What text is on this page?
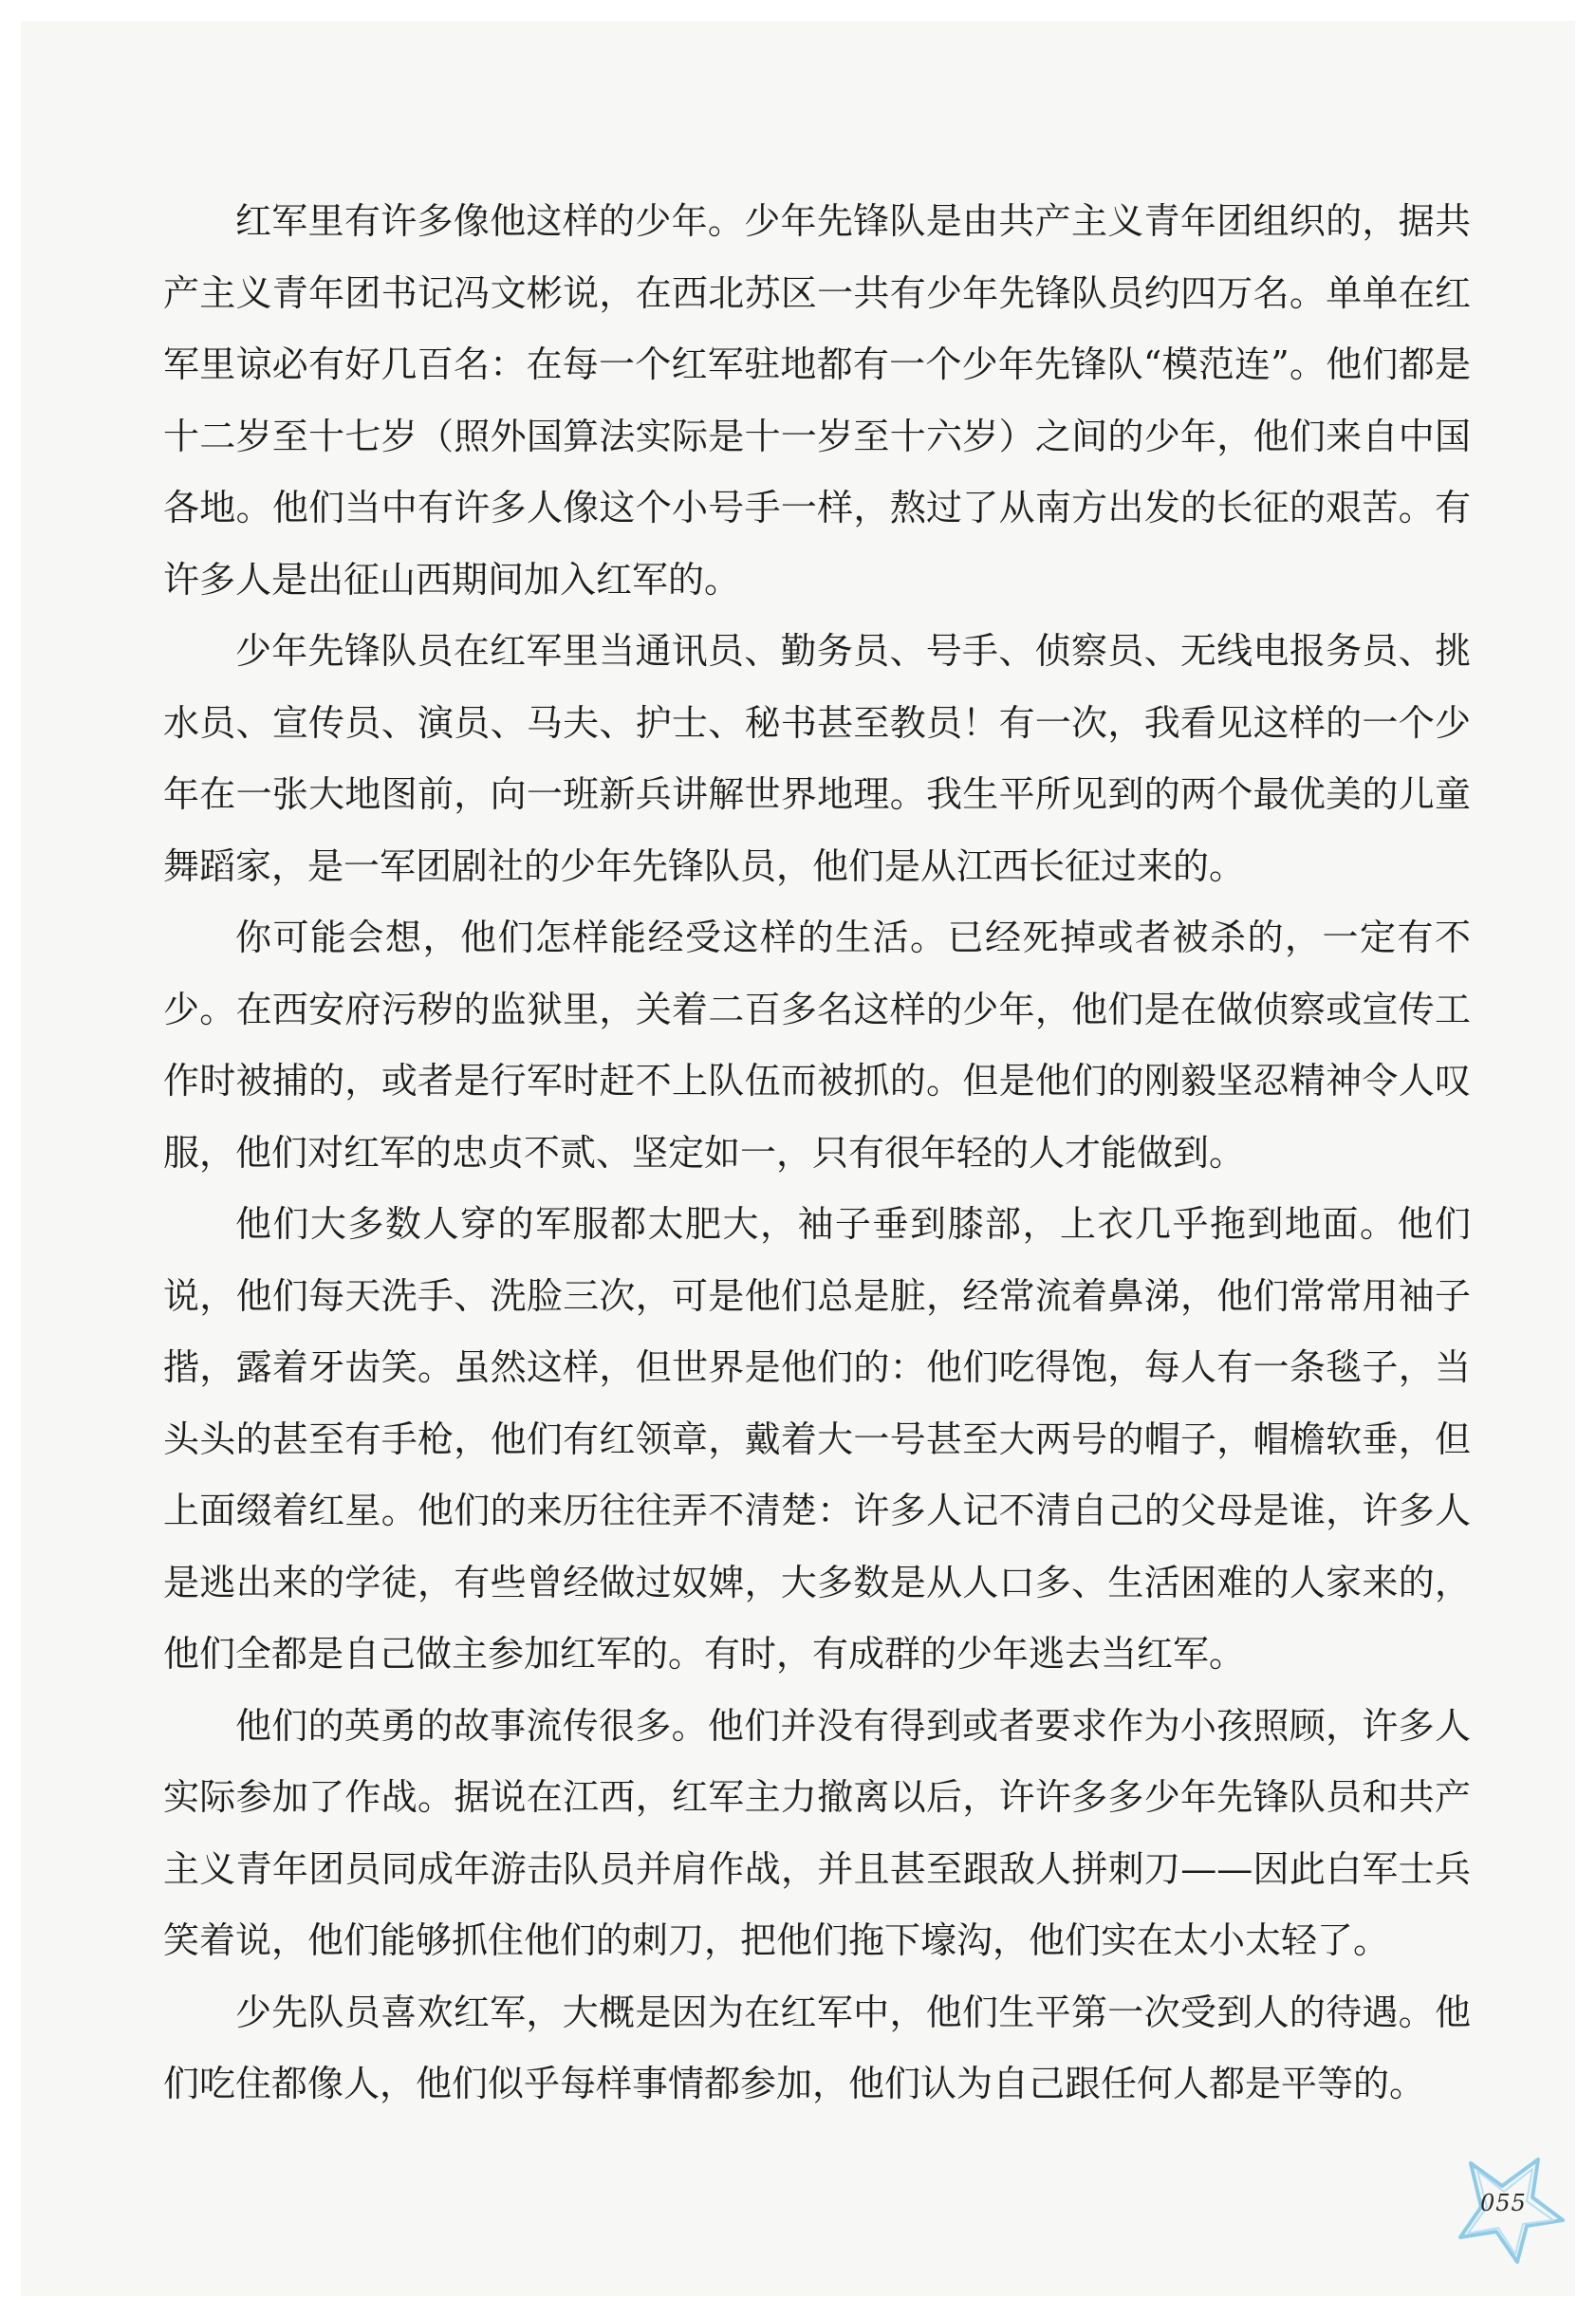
红军里有许多像他这样的少年。少年先锋队是由共产主义青年团组织的，据共产主义青年团书记冯文彬说，在西北苏区一共有少年先锋队员约四万名。单单在红军里谅必有好几百名：在每一个红军驻地都有一个少年先锋队“模范连”。他们都是十二岁至十七岁（照外国算法实际是十一岁至十六岁）之间的少年，他们来自中国各地。他们当中有许多人像这个小号手一样，熬过了从南方出发的长征的艰苦。有许多人是出征山西期间加入红军的。

少年先锋队员在红军里当通讯员、勤务员、号手、侦察员、无线电报务员、挑水员、宣传员、演员、马夫、护士、秘书甚至教员！有一次，我看见这样的一个少年在一张大地图前，向一班新兵讲解世界地理。我生平所见到的两个最优美的儿童舞蹈家，是一军团剧社的少年先锋队员，他们是从江西长征过来的。

你可能会想，他们怎样能经受这样的生活。已经死掉或者被杀的，一定有不少。在西安府污秽的监狱里，关着二百多名这样的少年，他们是在做侦察或宣传工作时被捕的，或者是行军时赶不上队伍而被抓的。但是他们的刚毅坚忍精神令人叹服，他们对红军的忠贞不贰、坚定如一，只有很年轻的人才能做到。

他们大多数人穿的军服都太肥大，袖子垂到膝部，上衣几乎拖到地面。他们说，他们每天洗手、洗脸三次，可是他们总是脏，经常流着鼻涕，他们常常用袖子揩，露着牙齿笑。虽然这样，但世界是他们的：他们吃得饱，每人有一条毯子，当头头的甚至有手枪，他们有红领章，戴着大一号甚至大两号的帽子，帽檐软垂，但上面缀着红星。他们的来历往往弄不清楚：许多人记不清自己的父母是谁，许多人是逃出来的学徒，有些曾经做过奴婢，大多数是从人口多、生活困难的人家来的，他们全都是自己做主参加红军的。有时，有成群的少年逃去当红军。

他们的英勇的故事流传很多。他们并没有得到或者要求作为小孩照顾，许多人实际参加了作战。据说在江西，红军主力撤离以后，许许多多少年先锋队员和共产主义青年团员同成年游击队员并肩作战，并且甚至跟敌人拼刺刀——因此白军士兵笑着说，他们能够抓住他们的刺刀，把他们拖下壕沟，他们实在太小太轻了。

少先队员喜欢红军，大概是因为在红军中，他们生平第一次受到人的待遇。他们吃住都像人，他们似乎每样事情都参加，他们认为自己跟任何人都是平等的。

055
